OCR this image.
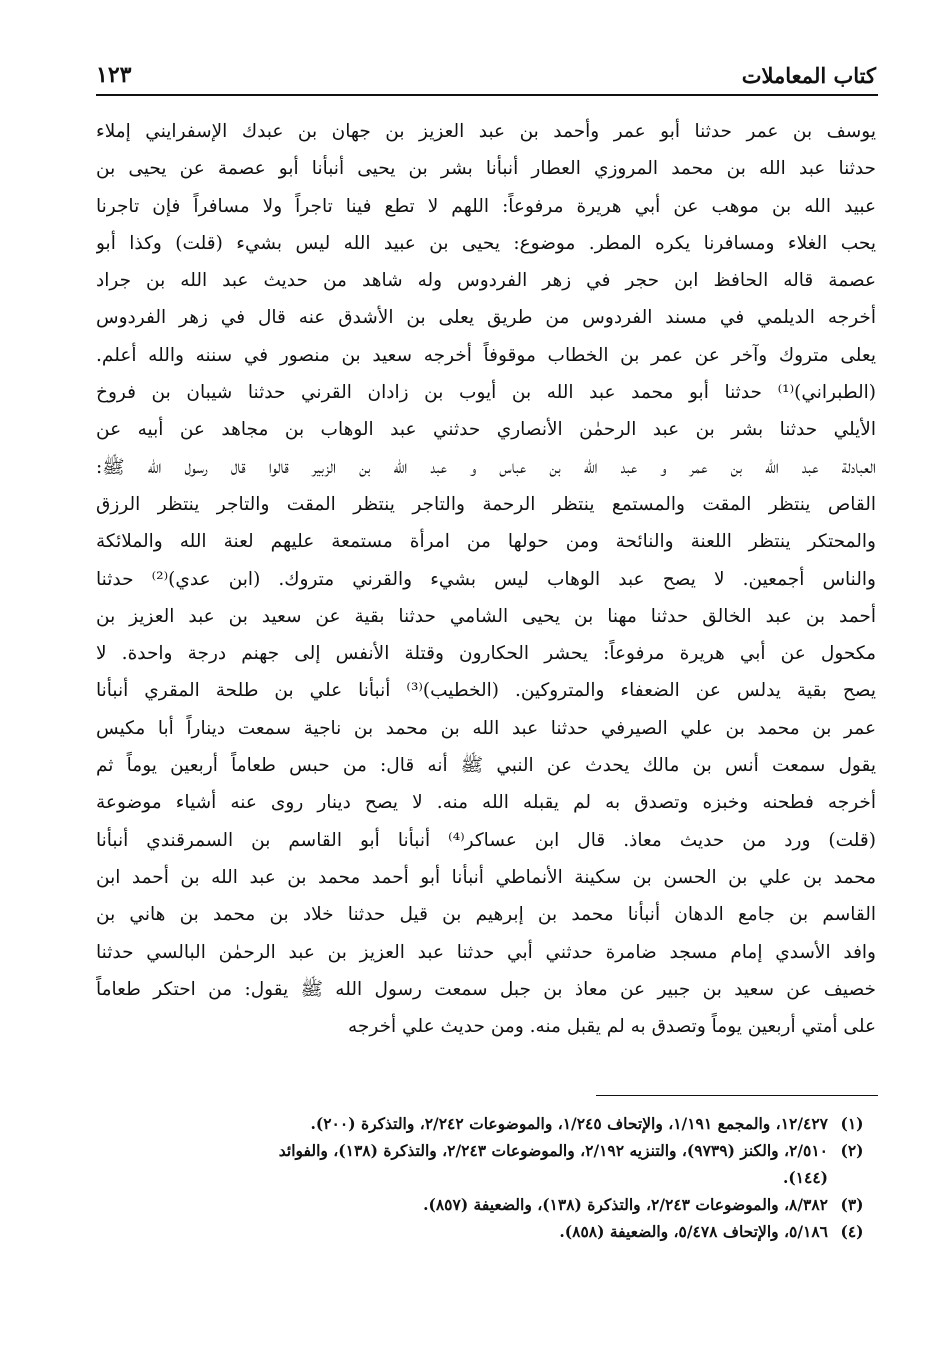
كتاب المعاملات
١٢٣
يوسف بن عمر حدثنا أبو عمر وأحمد بن عبد العزيز بن جهان بن عبدك الإسفرايني إملاء
حدثنا عبد الله بن محمد المروزي العطار أنبأنا بشر بن يحيى أنبأنا أبو عصمة عن يحيى بن
عبيد الله بن موهب عن أبي هريرة مرفوعاً: اللهم لا تطع فينا تاجراً ولا مسافراً فإن تاجرنا
يحب الغلاء ومسافرنا يكره المطر. موضوع: يحيى بن عبيد الله ليس بشيء (قلت) وكذا أبو
عصمة قاله الحافظ ابن حجر في زهر الفردوس وله شاهد من حديث عبد الله بن جراد
أخرجه الديلمي في مسند الفردوس من طريق يعلى بن الأشدق عنه قال في زهر الفردوس
يعلى متروك وآخر عن عمر بن الخطاب موقوفاً أخرجه سعيد بن منصور في سننه والله أعلم.
(الطبراني)⁽¹⁾ حدثنا أبو محمد عبد الله بن أيوب بن زادان القرني حدثنا شيبان بن فروخ
الأيلي حدثنا بشر بن عبد الرحمٰن الأنصاري حدثني عبد الوهاب بن مجاهد عن أبيه عن
العبادلة عبد الله بن عمر و عبد الله بن عباس و عبد الله بن الزبير قالوا قال رسول الله ﷺ:
القاص ينتظر المقت والمستمع ينتظر الرحمة والتاجر ينتظر المقت والتاجر ينتظر الرزق
والمحتكر ينتظر اللعنة والنائحة ومن حولها من امرأة مستمعة عليهم لعنة الله والملائكة
والناس أجمعين. لا يصح عبد الوهاب ليس بشيء والقرني متروك. (ابن عدي)⁽²⁾ حدثنا
أحمد بن عبد الخالق حدثنا مهنا بن يحيى الشامي حدثنا بقية عن سعيد بن عبد العزيز بن
مكحول عن أبي هريرة مرفوعاً: يحشر الحكارون وقتلة الأنفس إلى جهنم درجة واحدة. لا
يصح بقية يدلس عن الضعفاء والمتروكين. (الخطيب)⁽³⁾ أنبأنا علي بن طلحة المقري أنبأنا
عمر بن محمد بن علي الصيرفي حدثنا عبد الله بن محمد بن ناجية سمعت ديناراً أبا مكيس
يقول سمعت أنس بن مالك يحدث عن النبي ﷺ أنه قال: من حبس طعاماً أربعين يوماً ثم
أخرجه فطحنه وخبزه وتصدق به لم يقبله الله منه. لا يصح دينار روى عنه أشياء موضوعة
(قلت) ورد من حديث معاذ. قال ابن عساكر⁽⁴⁾ أنبأنا أبو القاسم بن السمرقندي أنبأنا
محمد بن علي بن الحسن بن سكينة الأنماطي أنبأنا أبو أحمد محمد بن عبد الله بن أحمد ابن
القاسم بن جامع الدهان أنبأنا محمد بن إبرهيم بن قيل حدثنا خلاد بن محمد بن هاني بن
وافد الأسدي إمام مسجد ضامرة حدثني أبي حدثنا عبد العزيز بن عبد الرحمٰن البالسي حدثنا
خصيف عن سعيد بن جبير عن معاذ بن جبل سمعت رسول الله ﷺ يقول: من احتكر طعاماً
على أمتي أربعين يوماً وتصدق به لم يقبل منه. ومن حديث علي أخرجه
(١)
١٢/٤٢٧، والمجمع ١/١٩١، والإتحاف ١/٢٤٥، والموضوعات ٢/٢٤٢، والتذكرة (٢٠٠).
(٢)
٢/٥١٠، والكنز (٩٧٣٩)، والتنزيه ٢/١٩٢، والموضوعات ٢/٢٤٣، والتذكرة (١٣٨)، والفوائد
(١٤٤).
(٣)
٨/٣٨٢، والموضوعات ٢/٢٤٣، والتذكرة (١٣٨)، والضعيفة (٨٥٧).
(٤)
٥/١٨٦، والإتحاف ٥/٤٧٨، والضعيفة (٨٥٨).
